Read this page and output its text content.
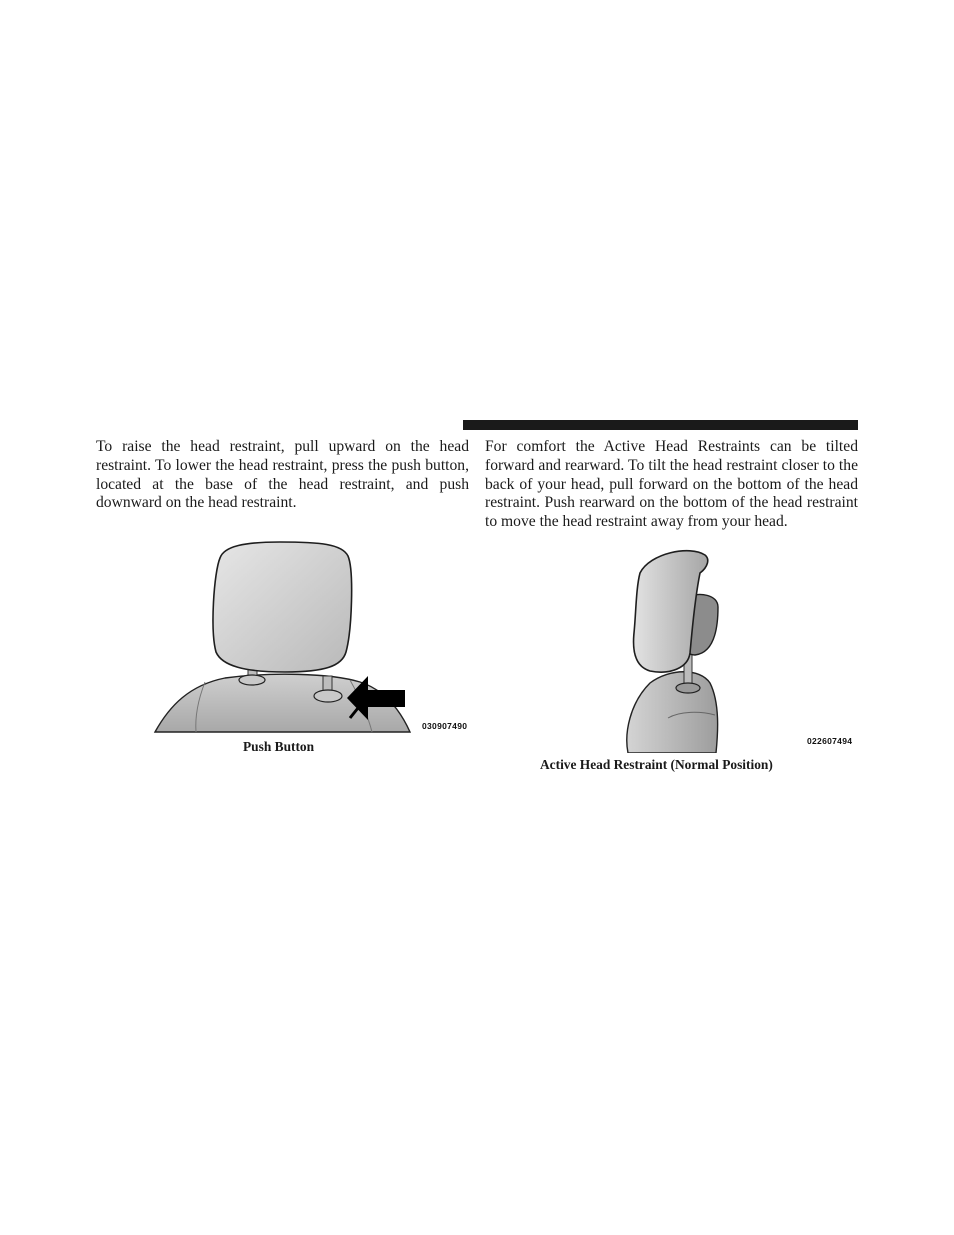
To raise the head restraint, pull upward on the head restraint. To lower the head restraint, press the push button, located at the base of the head restraint, and push downward on the head restraint.

For comfort the Active Head Restraints can be tilted forward and rearward. To tilt the head restraint closer to the back of your head, pull forward on the bottom of the head restraint. Push rearward on the bottom of the head restraint to move the head restraint away from your head.

030907490
Push Button	022607494
Active Head Restraint (Normal Position)
